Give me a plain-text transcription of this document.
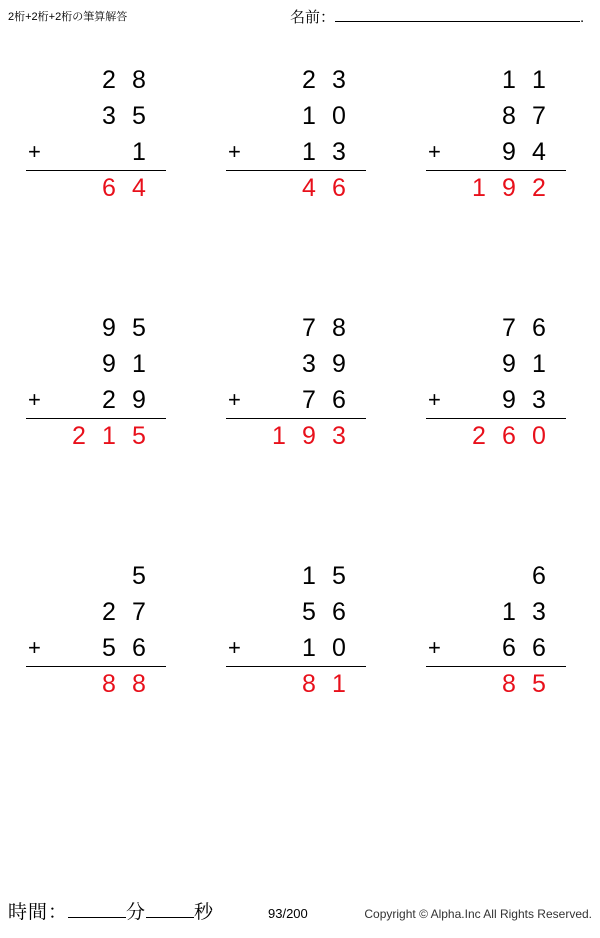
2桁+2桁+2桁の筆算解答	名前：	.
2 8
3 5
+	1
6 4
2 3
1 0
+	1 3
4 6
1 1
8 7
+	9 4
1 9 2
9 5
9 1
+	2 9
2 1 5
7 8
3 9
+	7 6
1 9 3
7 6
9 1
+	9 3
2 6 0
5
2 7
+	5 6
8 8
1 5
5 6
+	1 0
8 1
6
1 3
+	6 6
8 5
時間：	分	秒	93/200	Copyright © Alpha.Inc All Rights Reserved.
